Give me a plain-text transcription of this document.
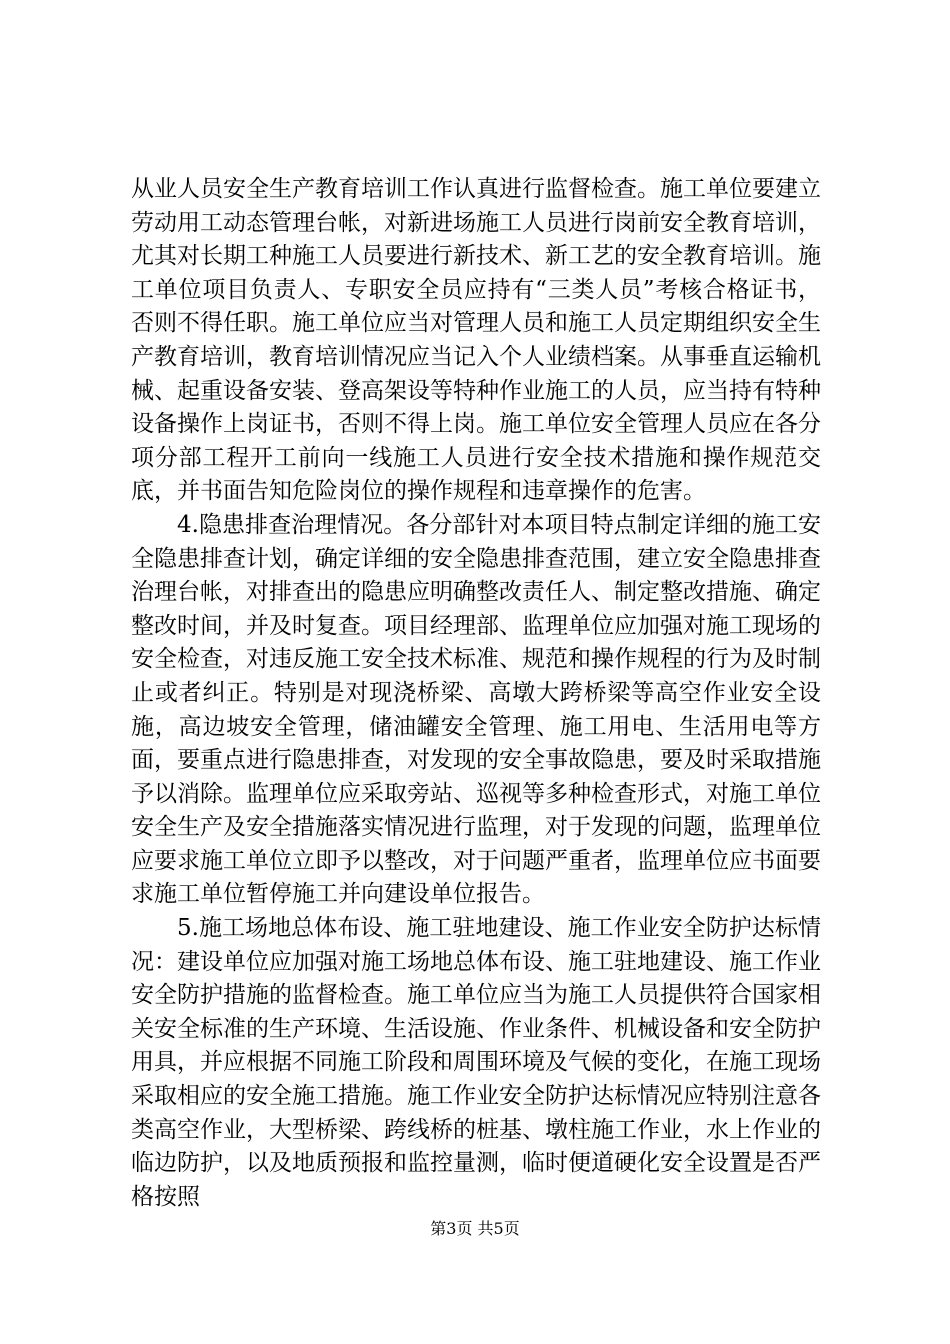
从业人员安全生产教育培训工作认真进行监督检查。施工单位要建立劳动用工动态管理台帐，对新进场施工人员进行岗前安全教育培训，尤其对长期工种施工人员要进行新技术、新工艺的安全教育培训。施工单位项目负责人、专职安全员应持有“三类人员”考核合格证书，否则不得任职。施工单位应当对管理人员和施工人员定期组织安全生产教育培训，教育培训情况应当记入个人业绩档案。从事垂直运输机械、起重设备安装、登高架设等特种作业施工的人员，应当持有特种设备操作上岗证书，否则不得上岗。施工单位安全管理人员应在各分项分部工程开工前向一线施工人员进行安全技术措施和操作规范交底，并书面告知危险岗位的操作规程和违章操作的危害。

4.隐患排查治理情况。各分部针对本项目特点制定详细的施工安全隐患排查计划，确定详细的安全隐患排查范围，建立安全隐患排查治理台帐，对排查出的隐患应明确整改责任人、制定整改措施、确定整改时间，并及时复查。项目经理部、监理单位应加强对施工现场的安全检查，对违反施工安全技术标准、规范和操作规程的行为及时制止或者纠正。特别是对现浇桥梁、高墩大跨桥梁等高空作业安全设施，高边坡安全管理，储油罐安全管理、施工用电、生活用电等方面，要重点进行隐患排查，对发现的安全事故隐患，要及时采取措施予以消除。监理单位应采取旁站、巡视等多种检查形式，对施工单位安全生产及安全措施落实情况进行监理，对于发现的问题，监理单位应要求施工单位立即予以整改，对于问题严重者，监理单位应书面要求施工单位暂停施工并向建设单位报告。

5.施工场地总体布设、施工驻地建设、施工作业安全防护达标情况：建设单位应加强对施工场地总体布设、施工驻地建设、施工作业安全防护措施的监督检查。施工单位应当为施工人员提供符合国家相关安全标准的生产环境、生活设施、作业条件、机械设备和安全防护用具，并应根据不同施工阶段和周围环境及气候的变化，在施工现场采取相应的安全施工措施。施工作业安全防护达标情况应特别注意各类高空作业，大型桥梁、跨线桥的桩基、墩柱施工作业，水上作业的临边防护，以及地质预报和监控量测，临时便道硬化安全设置是否严格按照

第3页 共5页
